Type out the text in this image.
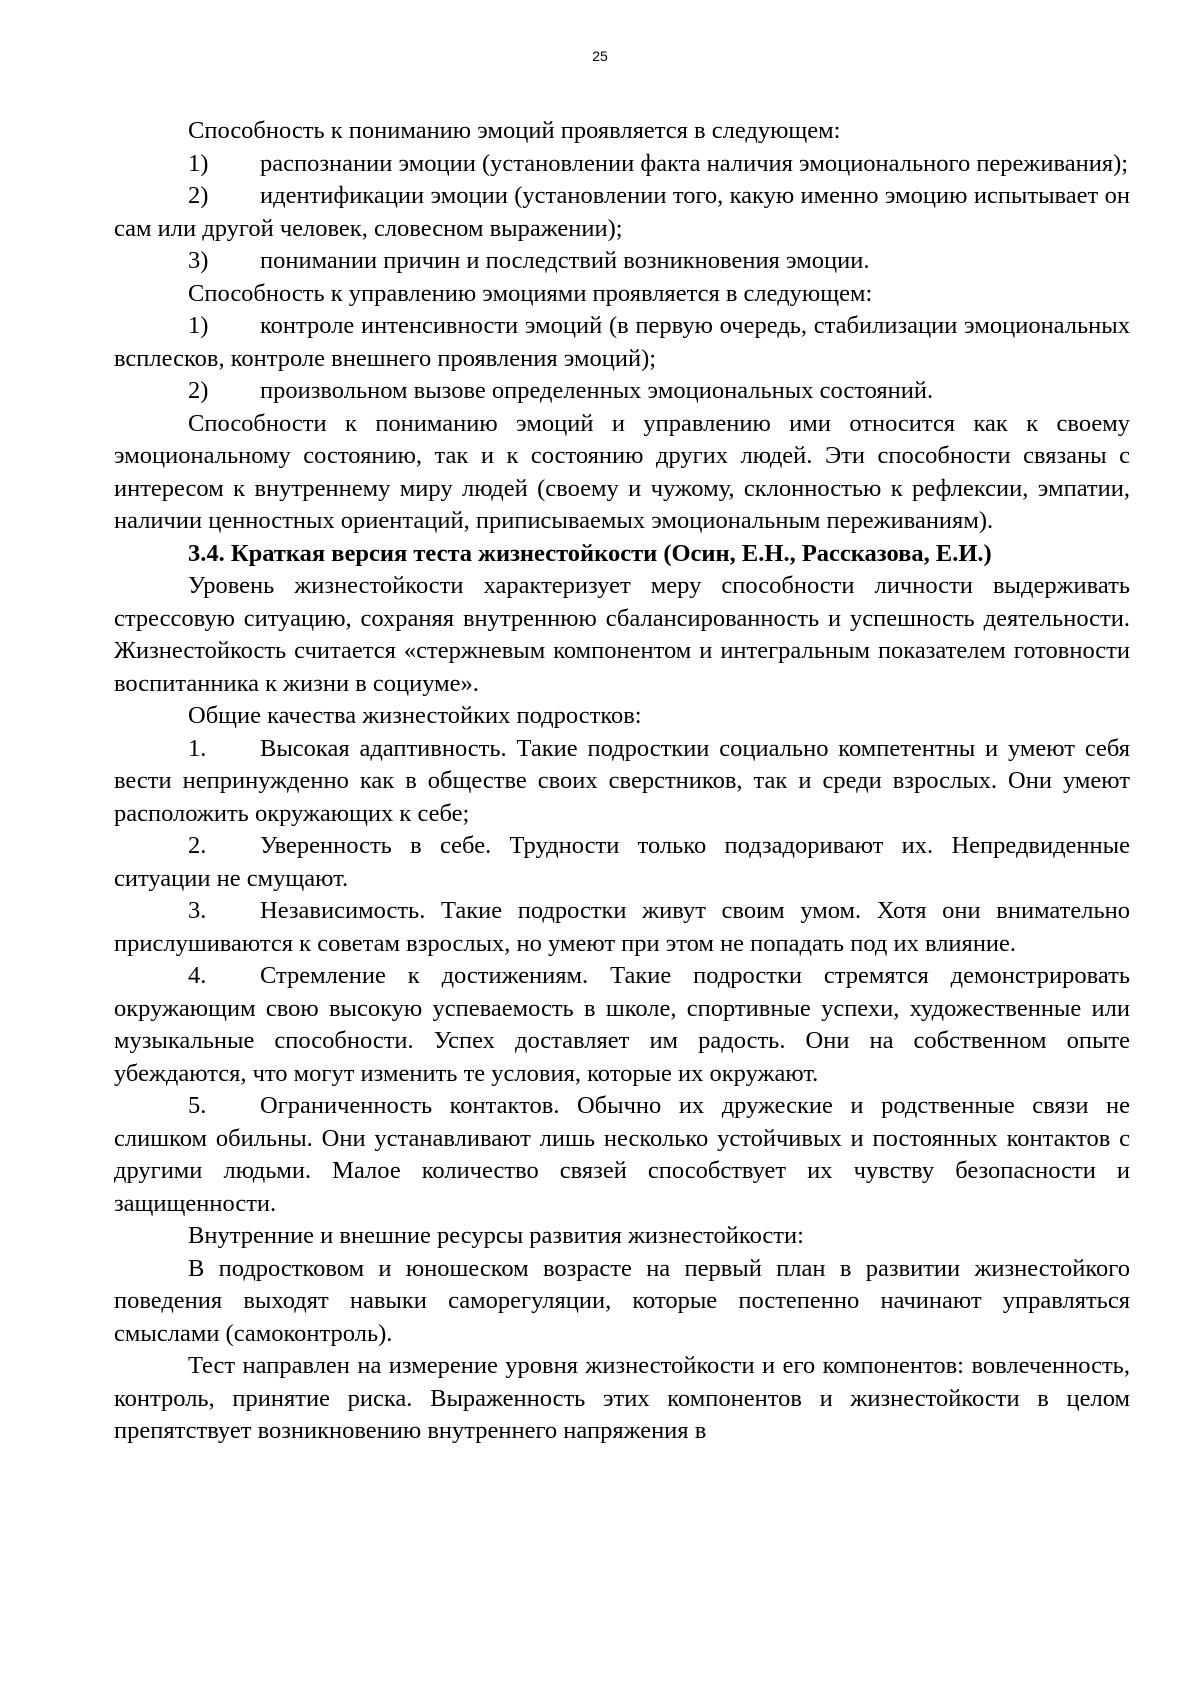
25

Способность к пониманию эмоций проявляется в следующем:

1) распознании эмоции (установлении факта наличия эмоционального переживания);

2) идентификации эмоции (установлении того, какую именно эмоцию испытывает он сам или другой человек, словесном выражении);

3) понимании причин и последствий возникновения эмоции.

Способность к управлению эмоциями проявляется в следующем:

1) контроле интенсивности эмоций (в первую очередь, стабилизации эмоциональных всплесков, контроле внешнего проявления эмоций);

2) произвольном вызове определенных эмоциональных состояний.

Способности к пониманию эмоций и управлению ими относится как к своему эмоциональному состоянию, так и к состоянию других людей. Эти способности связаны с интересом к внутреннему миру людей (своему и чужому, склонностью к рефлексии, эмпатии, наличии ценностных ориентаций, приписываемых эмоциональным переживаниям).

3.4. Краткая версия теста жизнестойкости (Осин, Е.Н., Рассказова, Е.И.)

Уровень жизнестойкости характеризует меру способности личности выдерживать стрессовую ситуацию, сохраняя внутреннюю сбалансированность и успешность деятельности. Жизнестойкость считается «стержневым компонентом и интегральным показателем готовности воспитанника к жизни в социуме».

Общие качества жизнестойких подростков:

1. Высокая адаптивность. Такие подросткии социально компетентны и умеют себя вести непринужденно как в обществе своих сверстников, так и среди взрослых. Они умеют расположить окружающих к себе;

2. Уверенность в себе. Трудности только подзадоривают их. Непредвиденные ситуации не смущают.

3. Независимость. Такие подростки живут своим умом. Хотя они внимательно прислушиваются к советам взрослых, но умеют при этом не попадать под их влияние.

4. Стремление к достижениям. Такие подростки стремятся демонстрировать окружающим свою высокую успеваемость в школе, спортивные успехи, художественные или музыкальные способности. Успех доставляет им радость. Они на собственном опыте убеждаются, что могут изменить те условия, которые их окружают.

5. Ограниченность контактов. Обычно их дружеские и родственные связи не слишком обильны. Они устанавливают лишь несколько устойчивых и постоянных контактов с другими людьми. Малое количество связей способствует их чувству безопасности и защищенности.

Внутренние и внешние ресурсы развития жизнестойкости:

В подростковом и юношеском возрасте на первый план в развитии жизнестойкого поведения выходят навыки саморегуляции, которые постепенно начинают управляться смыслами (самоконтроль).

Тест направлен на измерение уровня жизнестойкости и его компонентов: вовлеченность, контроль, принятие риска. Выраженность этих компонентов и жизнестойкости в целом препятствует возникновению внутреннего напряжения в
